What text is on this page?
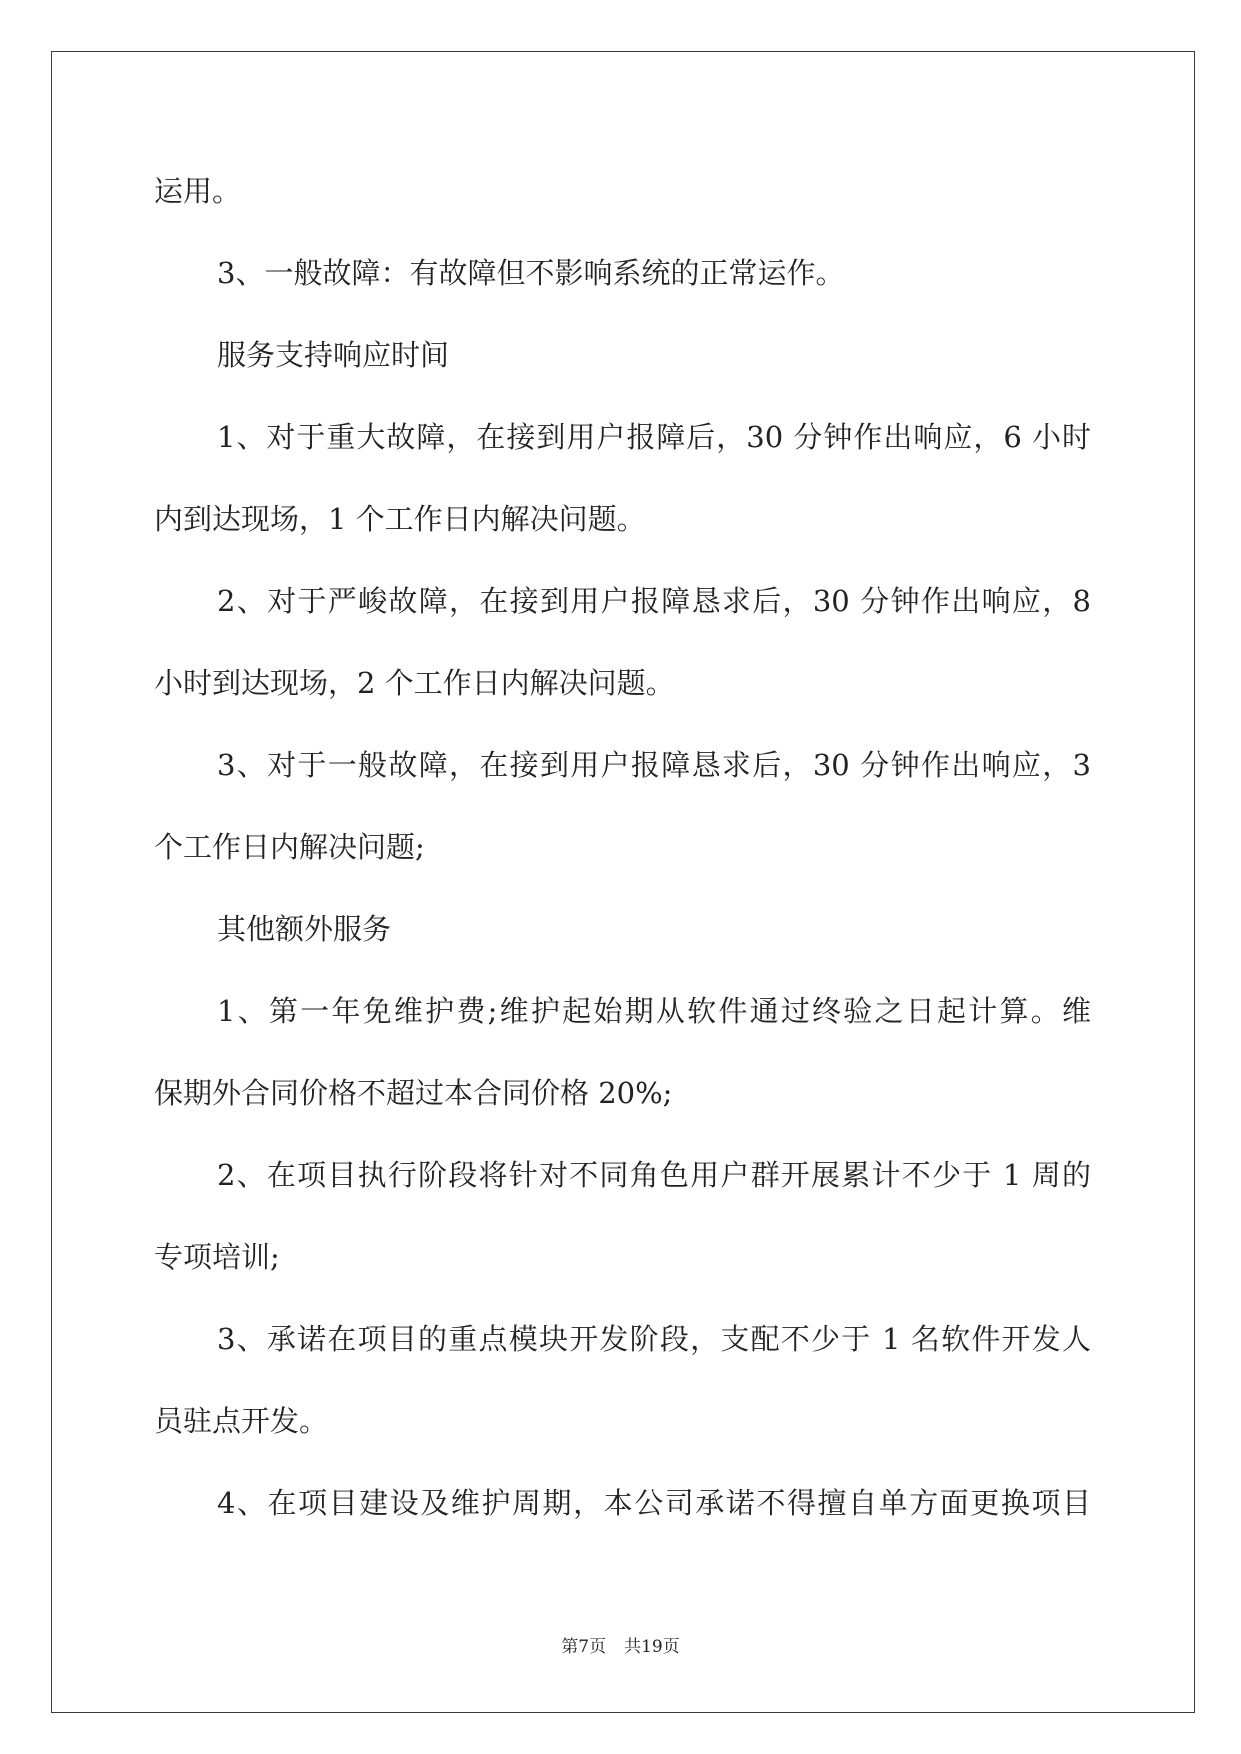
运用。
3、一般故障：有故障但不影响系统的正常运作。
服务支持响应时间
1、对于重大故障，在接到用户报障后，30 分钟作出响应，6 小时
内到达现场，1 个工作日内解决问题。
2、对于严峻故障，在接到用户报障恳求后，30 分钟作出响应，8
小时到达现场，2 个工作日内解决问题。
3、对于一般故障，在接到用户报障恳求后，30 分钟作出响应，3
个工作日内解决问题;
其他额外服务
1、第一年免维护费;维护起始期从软件通过终验之日起计算。维
保期外合同价格不超过本合同价格 20%;
2、在项目执行阶段将针对不同角色用户群开展累计不少于 1 周的
专项培训;
3、承诺在项目的重点模块开发阶段，支配不少于 1 名软件开发人
员驻点开发。
4、在项目建设及维护周期，本公司承诺不得擅自单方面更换项目
第7页 共19页
